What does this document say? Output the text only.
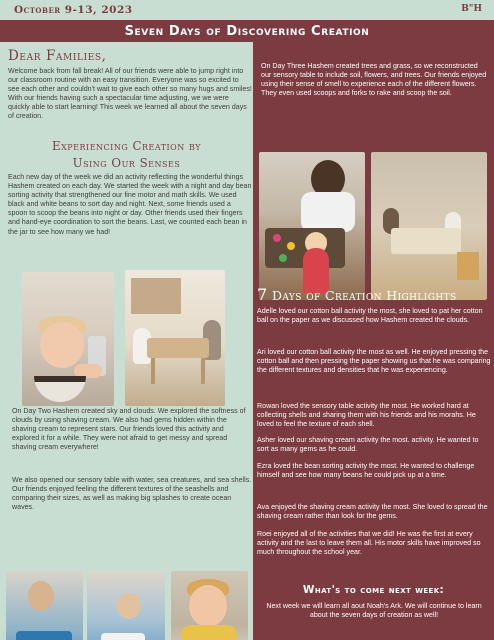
October 9-13, 2023	B"H
Seven Days of Discovering Creation
Dear Families,
Welcome back from fall break! All of our friends were able to jump right into our classroom routine with an easy transition. Everyone was so excited to see each other and couldn't wait to give each other so many hugs and smiles! With our friends having such a spectacular time adjusting, we we were quickly able to start learning! This week we learned all about the seven days of creation.
Experiencing Creation by
Using Our Senses
Each new day of the week we did an activity reflecting the wonderful things Hashem created on each day. We started the week with a night and day bean sorting activity that strengthened our fine motor and math skills. We used black and white beans to sort day and night. Next, some friends used a spoon to scoop the beans into night or day. Other friends used their fingers and hand-eye coordination to sort the beans. Last, we counted each bean in the jar to see how many we had!
On Day Two Hashem created sky and clouds. We explored the softness of clouds by using shaving cream. We also had gems hidden within the shaving cream to represent stars. Our friends loved this activity and explored it for a while. They were not afraid to get messy and spread shaving cream everywhere!
We also opened our sensory table with water, sea creatures, and sea shells. Our friends enjoyed feeling the different textures of the seashells and comparing their sizes, as well as making big splashes to create ocean waves.
On Day Three Hashem created trees and grass, so we reconstructed our sensory table to include soil, flowers, and trees. Our friends enjoyed using their sense of smell to experience each of the different flowers. They even used scoops and forks to rake and scoop the soil.
7 Days of Creation Highlights
Adelle loved our cotton ball activity the most, she loved to pat her cotton ball on the paper as we discussed how Hashem created the clouds.
Ari loved our cotton ball activity the most as well. He enjoyed pressing the cotton ball and then pressing the paper showing us that he was comparing the different textures and densities that he was experiencing.
Rowan loved the sensory table activity the most. He worked hard at collecting shells and sharing them with his friends and his morahs. He loved to feel the texture of each shell.
Asher loved our shaving cream activity the most. activity. He wanted to sort as many gems as he could.
Ezra loved the bean sorting activity the most. He wanted to challenge himself and see how many beans he could pick up at a time.
Ava enjoyed the shaving cream activity the most. She loved to spread the shaving cream rather than look for the gems.
Roei enjoyed all of the activities that we did! He was the first at every activity and the last to leave them all. His motor skills have improved so much throughout the school year.
What's to come next week:
Next week we will learn all aout Noah's Ark. We will continue to learn about the seven days of creation as well!
